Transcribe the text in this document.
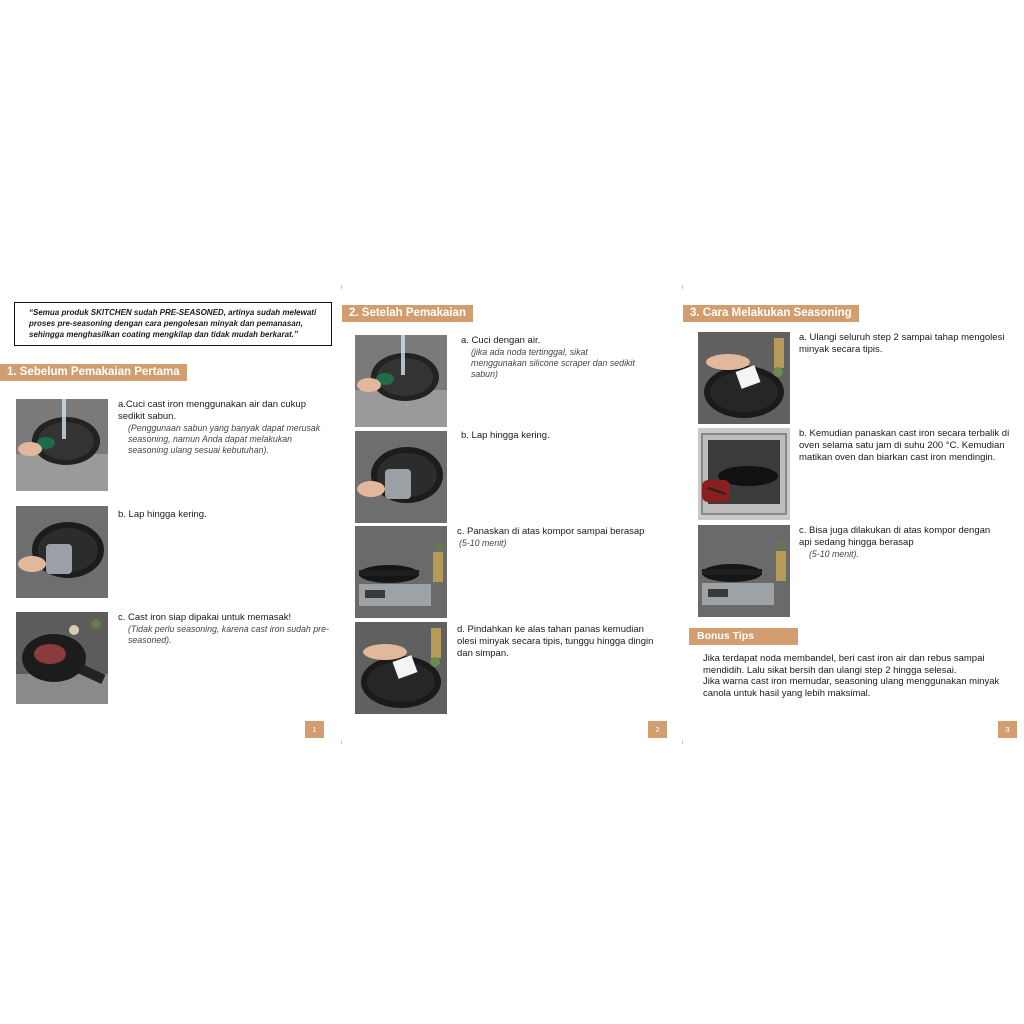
“Semua produk SKITCHEN sudah PRE-SEASONED, artinya sudah melewati proses pre-seasoning dengan cara pengolesan minyak dan pemanasan, sehingga menghasilkan coating mengkilap dan tidak mudah berkarat.”
1. Sebelum Pemakaian Pertama
a.Cuci cast iron menggunakan air dan cukup sedikit sabun.
(Penggunaan sabun yang banyak dapat merusak seasoning, namun Anda dapat melakukan seasoning ulang sesuai kebutuhan).
b. Lap hingga kering.
c. Cast iron siap dipakai untuk memasak!
(Tidak perlu seasoning, karena cast iron sudah pre-seasoned).
1
2. Setelah Pemakaian
a. Cuci dengan air.
(jika ada noda tertinggal, sikat menggunakan silicone scraper dan sedikit sabun)
b. Lap hingga kering.
c. Panaskan di atas kompor sampai berasap (5-10 menit)
d. Pindahkan ke alas tahan panas kemudian olesi minyak secara tipis, tunggu hingga dingin dan simpan.
2
3. Cara Melakukan Seasoning
a. Ulangi seluruh step 2 sampai tahap mengolesi minyak secara tipis.
b. Kemudian panaskan cast iron secara terbalik di oven selama satu jam di suhu 200 °C. Kemudian matikan oven dan biarkan cast iron mendingin.
c. Bisa juga dilakukan di atas kompor dengan api sedang hingga berasap
(5-10 menit).
Bonus Tips
Jika terdapat noda membandel, beri cast iron air dan rebus sampai mendidih. Lalu sikat bersih dan ulangi step 2 hingga selesai.
Jika warna cast iron memudar, seasoning ulang menggunakan minyak canola untuk hasil yang lebih maksimal.
3
